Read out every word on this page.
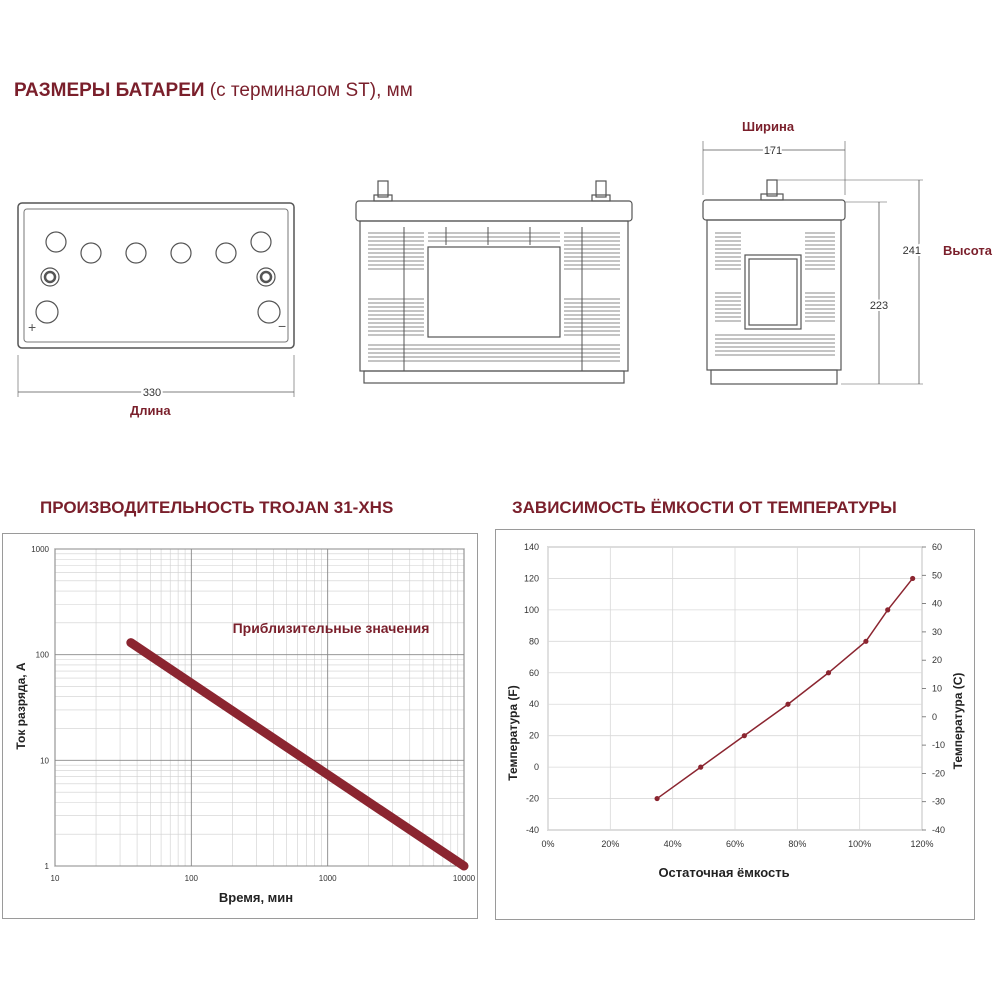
РАЗМЕРЫ БАТАРЕИ (с терминалом ST), мм
+	−
330
Длина
171
241
223
Ширина
Высота
ПРОИЗВОДИТЕЛЬНОСТЬ TROJAN 31-XHS	ЗАВИСИМОСТЬ ЁМКОСТИ ОТ ТЕМПЕРАТУРЫ
10	100	1000	10000
1
10
100
1000
Приблизительные значения
Время, мин
Ток разряда, А
0%	20%	40%	60%	80%	100%	120%
-40
-20
0
20
40
60
80
100
120
140
-40
-30
-20
-10
0
10
20
30
40
50
60
Остаточная ёмкость
Температура (F)	Температура (C)
